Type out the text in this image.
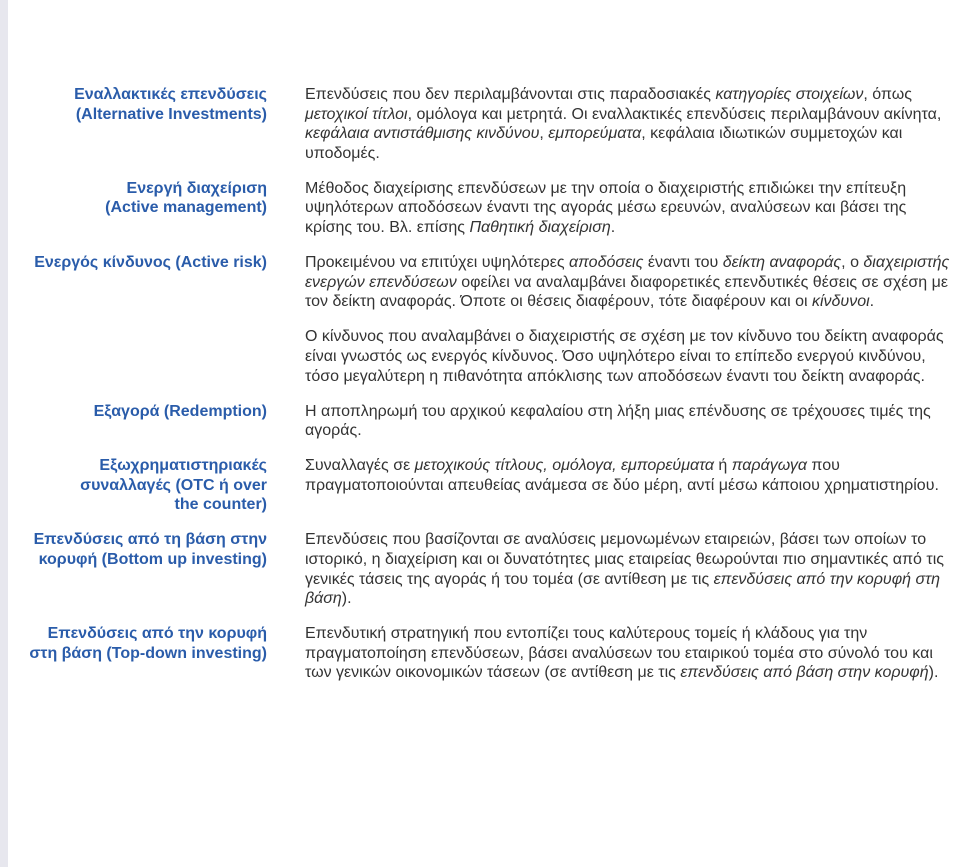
Εναλλακτικές επενδύσεις
(Alternative Investments)

Επενδύσεις που δεν περιλαμβάνονται στις παραδοσιακές κατηγορίες στοιχείων, όπως μετοχικοί τίτλοι, ομόλογα και μετρητά. Οι εναλλακτικές επενδύσεις περιλαμβάνουν ακίνητα, κεφάλαια αντιστάθμισης κινδύνου, εμπορεύματα, κεφάλαια ιδιωτικών συμμετοχών και υποδομές.

Ενεργή διαχείριση
(Active management)

Μέθοδος διαχείρισης επενδύσεων με την οποία ο διαχειριστής επιδιώκει την επίτευξη υψηλότερων αποδόσεων έναντι της αγοράς μέσω ερευνών, αναλύσεων και βάσει της κρίσης του. Βλ. επίσης Παθητική διαχείριση.

Ενεργός κίνδυνος (Active risk) Προκειμένου να επιτύχει υψηλότερες αποδόσεις έναντι του δείκτη αναφοράς, ο διαχειριστής ενεργών επενδύσεων οφείλει να αναλαμβάνει διαφορετικές επενδυτικές θέσεις σε σχέση με τον δείκτη αναφοράς. Όποτε οι θέσεις διαφέρουν, τότε διαφέρουν και οι κίνδυνοι.

Ο κίνδυνος που αναλαμβάνει ο διαχειριστής σε σχέση με τον κίνδυνο του δείκτη αναφοράς είναι γνωστός ως ενεργός κίνδυνος. Όσο υψηλότερο είναι το επίπεδο ενεργού κινδύνου, τόσο μεγαλύτερη η πιθανότητα απόκλισης των αποδόσεων έναντι του δείκτη αναφοράς.

Εξαγορά (Redemption) Η αποπληρωμή του αρχικού κεφαλαίου στη λήξη μιας επένδυσης σε τρέχουσες τιμές της αγοράς.

Εξωχρηματιστηριακές
συναλλαγές (OTC ή over
the counter)

Συναλλαγές σε μετοχικούς τίτλους, ομόλογα, εμπορεύματα ή παράγωγα που πραγματοποιούνται απευθείας ανάμεσα σε δύο μέρη, αντί μέσω κάποιου χρηματιστηρίου.

Επενδύσεις από τη βάση στην
κορυφή (Bottom up investing)

Επενδύσεις που βασίζονται σε αναλύσεις μεμονωμένων εταιρειών, βάσει των οποίων το ιστορικό, η διαχείριση και οι δυνατότητες μιας εταιρείας θεωρούνται πιο σημαντικές από τις γενικές τάσεις της αγοράς ή του τομέα (σε αντίθεση με τις επενδύσεις από την κορυφή στη βάση).

Επενδύσεις από την κορυφή
στη βάση (Top-down investing)

Επενδυτική στρατηγική που εντοπίζει τους καλύτερους τομείς ή κλάδους για την πραγματοποίηση επενδύσεων, βάσει αναλύσεων του εταιρικού τομέα στο σύνολό του και των γενικών οικονομικών τάσεων (σε αντίθεση με τις επενδύσεις από βάση στην κορυφή).
